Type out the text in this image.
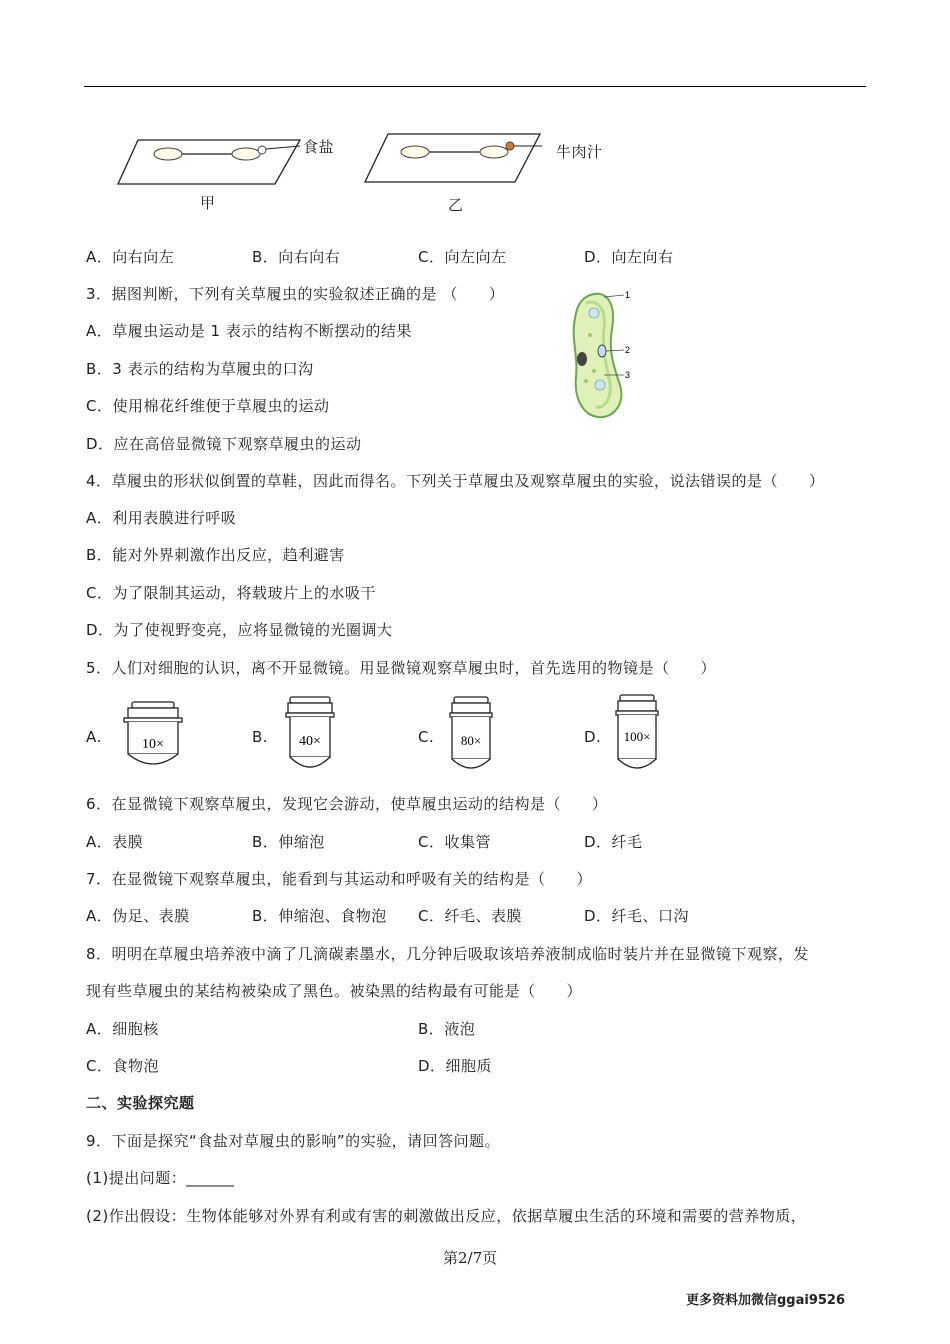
食盐	牛肉汁
甲	乙
A．向右向左	B．向右向右	C．向左向左	D．向左向右
3．据图判断，下列有关草履虫的实验叙述正确的是 （　　）
A．草履虫运动是 1 表示的结构不断摆动的结果
B．3 表示的结构为草履虫的口沟
C．使用棉花纤维便于草履虫的运动
D．应在高倍显微镜下观察草履虫的运动
1
2
3
4．草履虫的形状似倒置的草鞋，因此而得名。下列关于草履虫及观察草履虫的实验，说法错误的是（　　）
A．利用表膜进行呼吸
B．能对外界刺激作出反应，趋利避害
C．为了限制其运动，将载玻片上的水吸干
D．为了使视野变亮，应将显微镜的光圈调大
5．人们对细胞的认识，离不开显微镜。用显微镜观察草履虫时，首先选用的物镜是（　　）
A.	10×	B. 40×	C. 80×	D. 100×
6．在显微镜下观察草履虫，发现它会游动，使草履虫运动的结构是（　　）
A．表膜	B．伸缩泡	C．收集管	D．纤毛
7．在显微镜下观察草履虫，能看到与其运动和呼吸有关的结构是（　　）
A．伪足、表膜	B．伸缩泡、食物泡 C．纤毛、表膜	D．纤毛、口沟
8．明明在草履虫培养液中滴了几滴碳素墨水，几分钟后吸取该培养液制成临时装片并在显微镜下观察，发
现有些草履虫的某结构被染成了黑色。被染黑的结构最有可能是（　　）
A．细胞核	B．液泡
C．食物泡	D．细胞质
二、实验探究题
9．下面是探究“食盐对草履虫的影响”的实验，请回答问题。
(1)提出问题：______
(2)作出假设：生物体能够对外界有利或有害的刺激做出反应，依据草履虫生活的环境和需要的营养物质，
第2/7页
更多资料加微信ggai9526
